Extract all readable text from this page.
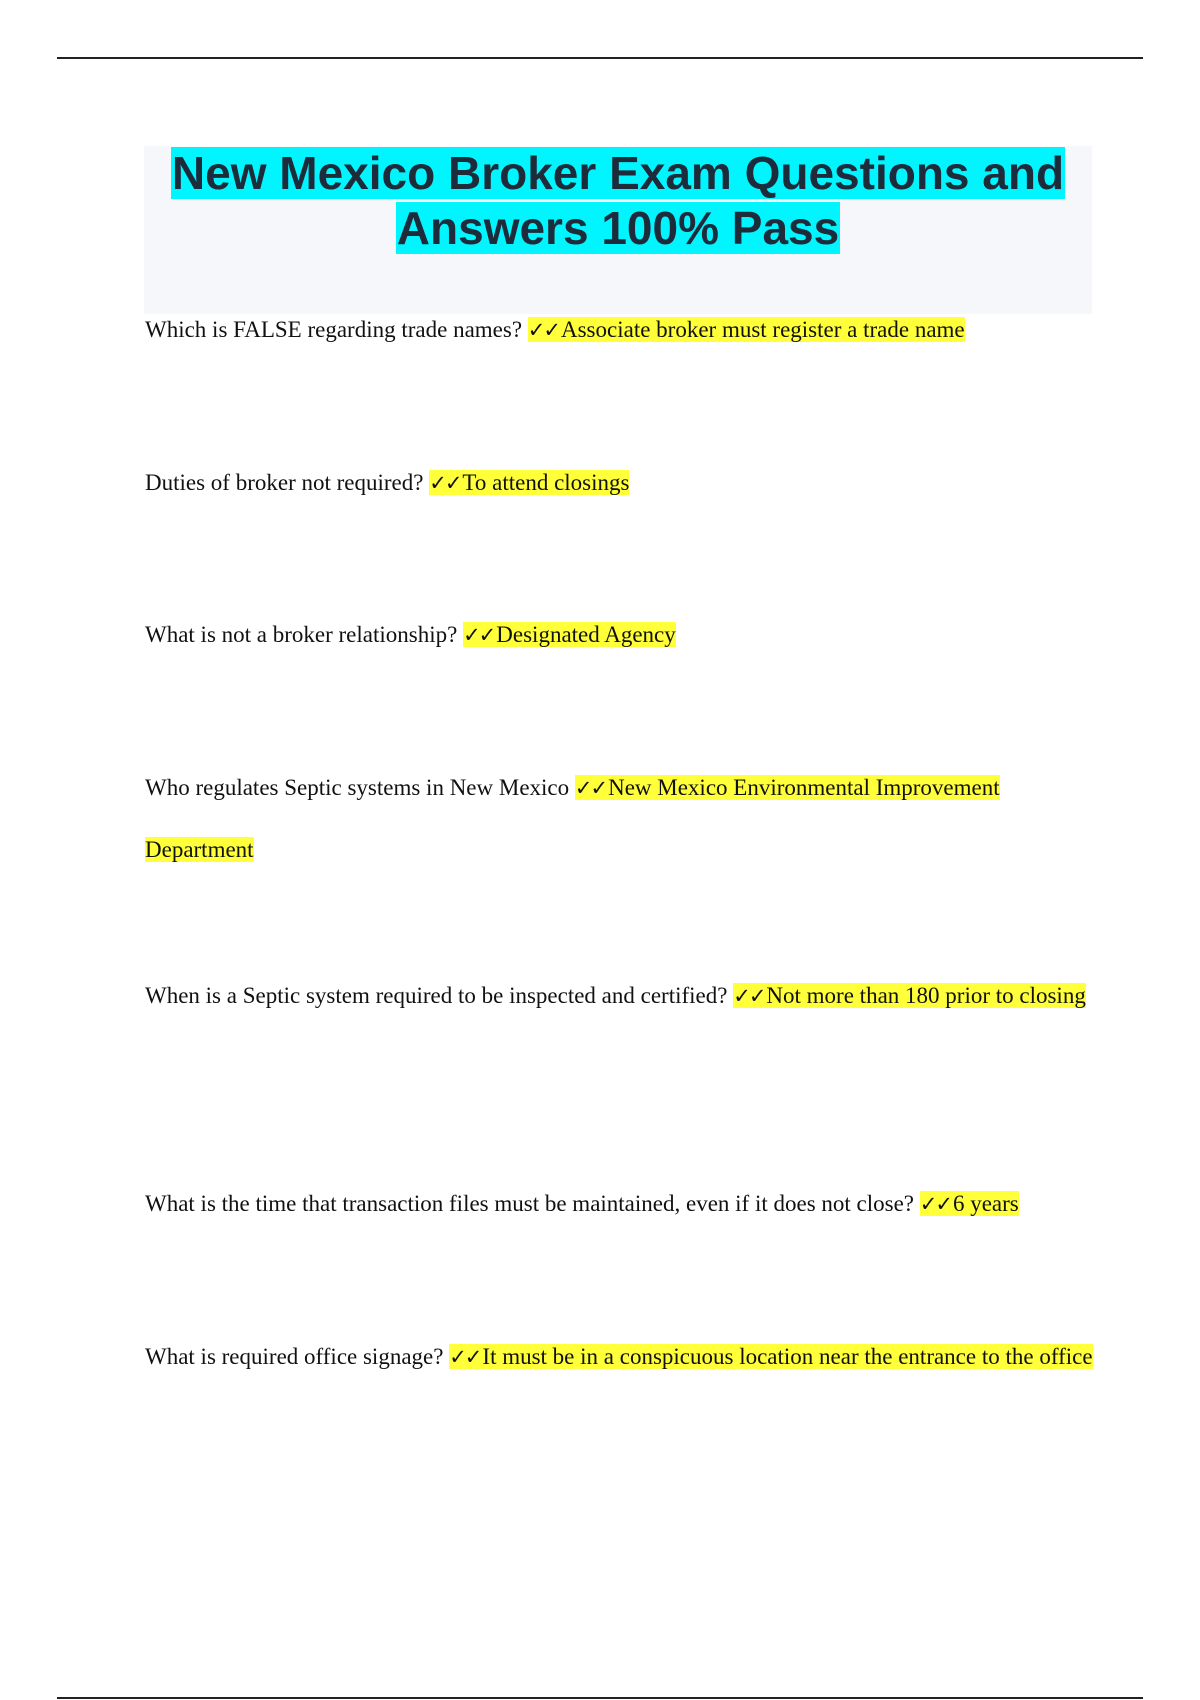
New Mexico Broker Exam Questions and Answers 100% Pass

Which is FALSE regarding trade names? ✓✓Associate broker must register a trade name

Duties of broker not required? ✓✓To attend closings

What is not a broker relationship? ✓✓Designated Agency

Who regulates Septic systems in New Mexico ✓✓New Mexico Environmental Improvement Department

When is a Septic system required to be inspected and certified? ✓✓Not more than 180 prior to closing

What is the time that transaction files must be maintained, even if it does not close? ✓✓6 years

What is required office signage? ✓✓It must be in a conspicuous location near the entrance to the office
